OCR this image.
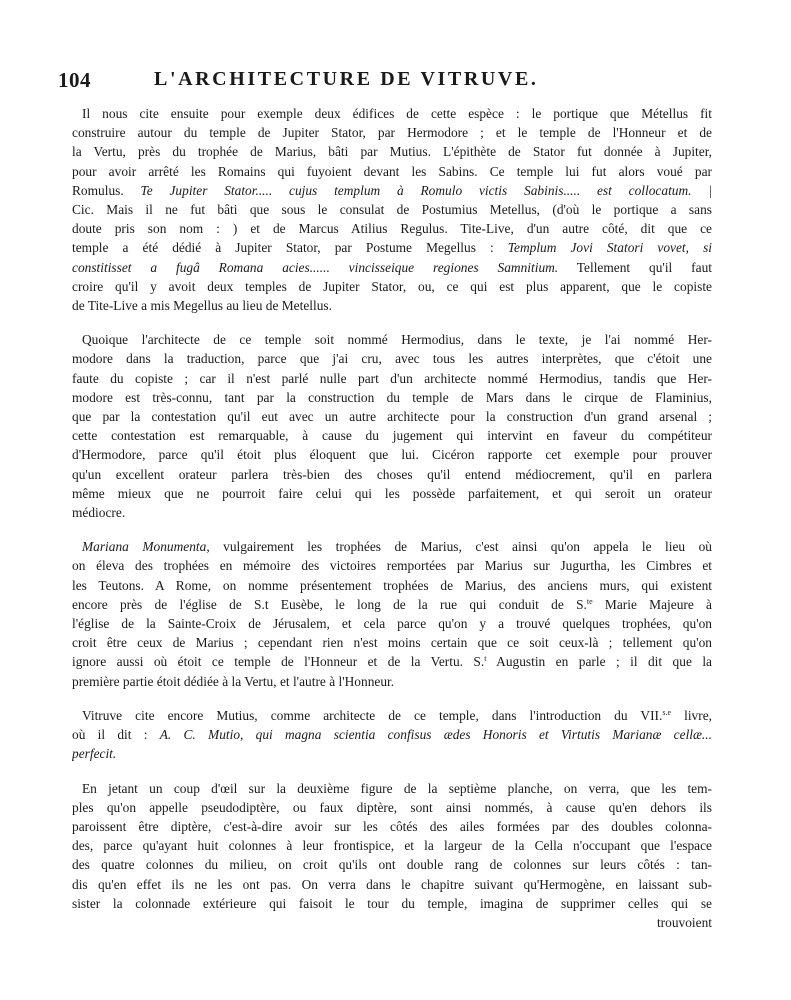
104	L'ARCHITECTURE DE VITRUVE.

Il nous cite ensuite pour exemple deux édifices de cette espèce : le portique que Métellus fit
construire autour du temple de Jupiter Stator, par Hermodore ; et le temple de l'Honneur et de
la Vertu, près du trophée de Marius, bâti par Mutius. L'épithète de Stator fut donnée à Jupiter,
pour avoir arrêté les Romains qui fuyoient devant les Sabins. Ce temple lui fut alors voué par
Romulus. Te Jupiter Stator..... cujus templum à Romulo victis Sabinis..... est collocatum. |
Cic. Mais il ne fut bâti que sous le consulat de Postumius Metellus, (d'où le portique a sans
doute pris son nom : ) et de Marcus Atilius Regulus. Tite-Live, d'un autre côté, dit que ce
temple a été dédié à Jupiter Stator, par Postume Megellus : Templum Jovi Statori vovet, si
constitisset a fugâ Romana acies...... vincisseique regiones Samnitium. Tellement qu'il faut
croire qu'il y avoit deux temples de Jupiter Stator, ou, ce qui est plus apparent, que le copiste
de Tite-Live a mis Megellus au lieu de Metellus.

Quoique l'architecte de ce temple soit nommé Hermodius, dans le texte, je l'ai nommé Her-
modore dans la traduction, parce que j'ai cru, avec tous les autres interprètes, que c'étoit une
faute du copiste ; car il n'est parlé nulle part d'un architecte nommé Hermodius, tandis que Her-
modore est très-connu, tant par la construction du temple de Mars dans le cirque de Flaminius,
que par la contestation qu'il eut avec un autre architecte pour la construction d'un grand arsenal ;
cette contestation est remarquable, à cause du jugement qui intervint en faveur du compétiteur
d'Hermodore, parce qu'il étoit plus éloquent que lui. Cicéron rapporte cet exemple pour prouver
qu'un excellent orateur parlera très-bien des choses qu'il entend médiocrement, qu'il en parlera
même mieux que ne pourroit faire celui qui les possède parfaitement, et qui seroit un orateur
médiocre.

Mariana Monumenta, vulgairement les trophées de Marius, c'est ainsi qu'on appela le lieu où
on éleva des trophées en mémoire des victoires remportées par Marius sur Jugurtha, les Cimbres et
les Teutons. A Rome, on nomme présentement trophées de Marius, des anciens murs, qui existent
encore près de l'église de S.t Eusèbe, le long de la rue qui conduit de S.$^{te}$ Marie Majeure à
l'église de la Sainte-Croix de Jérusalem, et cela parce qu'on y a trouvé quelques trophées, qu'on
croit être ceux de Marius ; cependant rien n'est moins certain que ce soit ceux-là ; tellement qu'on
ignore aussi où étoit ce temple de l'Honneur et de la Vertu. S.$^t$ Augustin en parle ; il dit que la
première partie étoit dédiée à la Vertu, et l'autre à l'Honneur.

Vitruve cite encore Mutius, comme architecte de ce temple, dans l'introduction du VII.$^{s.e}$ livre,
où il dit : A. C. Mutio, qui magna scientia confisus ædes Honoris et Virtutis Marianæ cellæ...
perfecit.

En jetant un coup d'œil sur la deuxième figure de la septième planche, on verra, que les tem-
ples qu'on appelle pseudodiptère, ou faux diptère, sont ainsi nommés, à cause qu'en dehors ils
paroissent être diptère, c'est-à-dire avoir sur les côtés des ailes formées par des doubles colonna-
des, parce qu'ayant huit colonnes à leur frontispice, et la largeur de la Cella n'occupant que l'espace
des quatre colonnes du milieu, on croit qu'ils ont double rang de colonnes sur leurs côtés : tan-
dis qu'en effet ils ne les ont pas. On verra dans le chapitre suivant qu'Hermogène, en laissant sub-
sister la colonnade extérieure qui faisoit le tour du temple, imagina de supprimer celles qui se
trouvoient
